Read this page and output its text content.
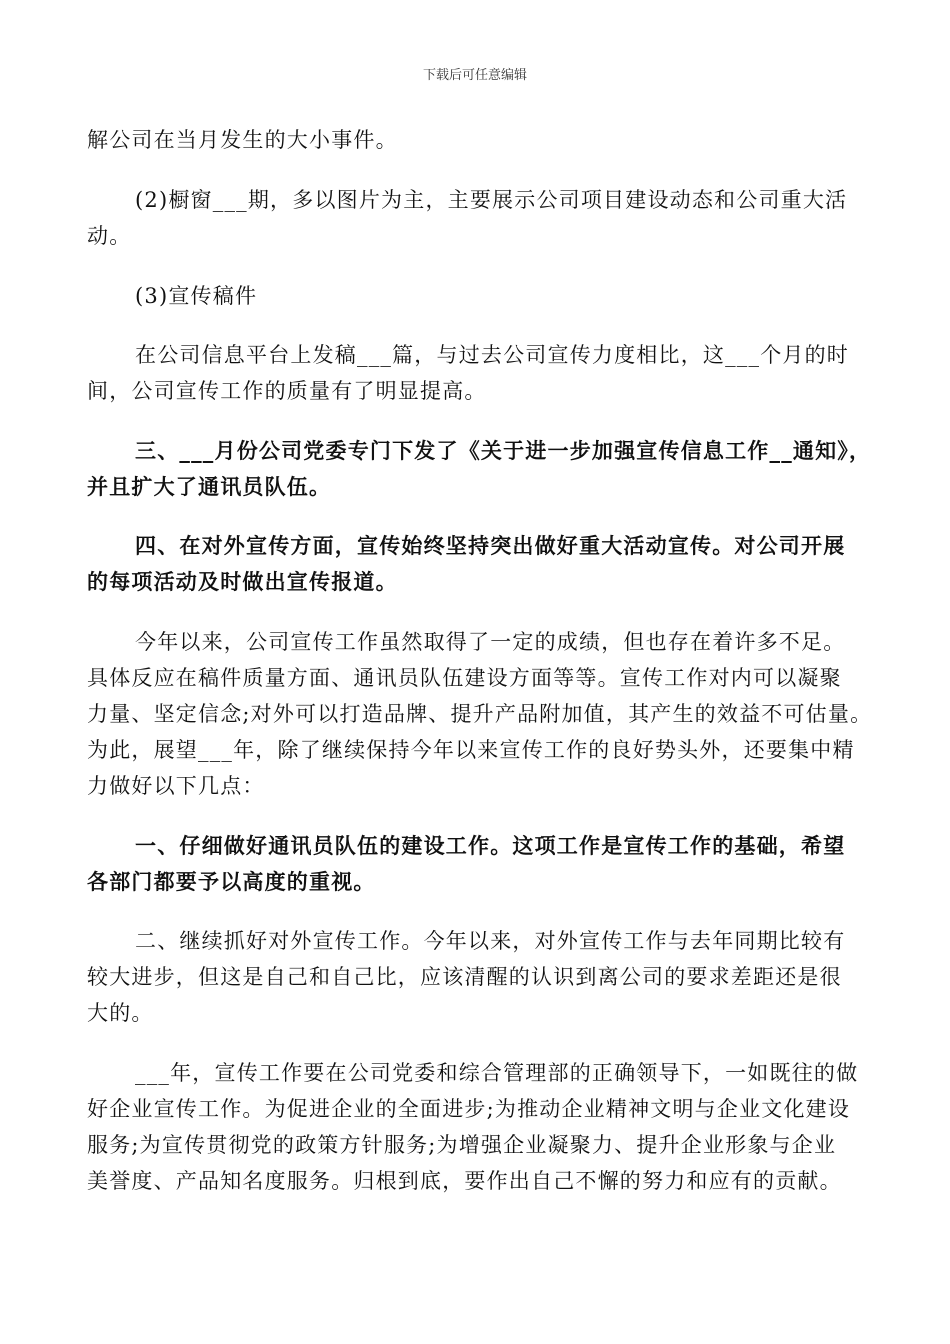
下载后可任意编辑
解公司在当月发生的大小事件。
(2)橱窗___期，多以图片为主，主要展示公司项目建设动态和公司重大活
动。
(3)宣传稿件
在公司信息平台上发稿___篇，与过去公司宣传力度相比，这___个月的时
间，公司宣传工作的质量有了明显提高。
三、___月份公司党委专门下发了《关于进一步加强宣传信息工作__通知》，
并且扩大了通讯员队伍。
四、在对外宣传方面，宣传始终坚持突出做好重大活动宣传。对公司开展
的每项活动及时做出宣传报道。
今年以来，公司宣传工作虽然取得了一定的成绩，但也存在着许多不足。
具体反应在稿件质量方面、通讯员队伍建设方面等等。宣传工作对内可以凝聚
力量、坚定信念;对外可以打造品牌、提升产品附加值，其产生的效益不可估量。
为此，展望___年，除了继续保持今年以来宣传工作的良好势头外，还要集中精
力做好以下几点：
一、仔细做好通讯员队伍的建设工作。这项工作是宣传工作的基础，希望
各部门都要予以高度的重视。
二、继续抓好对外宣传工作。今年以来，对外宣传工作与去年同期比较有
较大进步，但这是自己和自己比，应该清醒的认识到离公司的要求差距还是很
大的。
___年，宣传工作要在公司党委和综合管理部的正确领导下，一如既往的做
好企业宣传工作。为促进企业的全面进步;为推动企业精神文明与企业文化建设
服务;为宣传贯彻党的政策方针服务;为增强企业凝聚力、提升企业形象与企业
美誉度、产品知名度服务。归根到底，要作出自己不懈的努力和应有的贡献。
